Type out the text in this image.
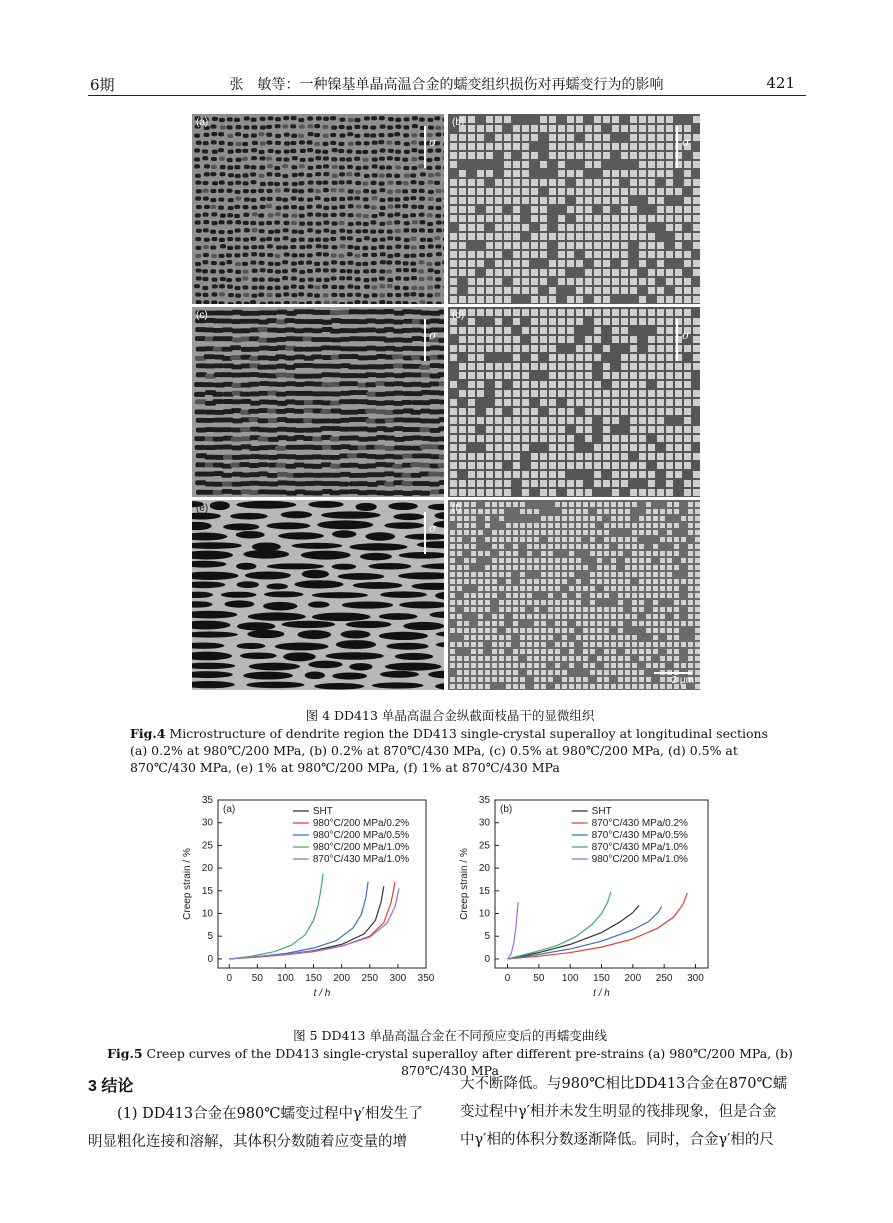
6期	张　敏等：一种镍基单晶高温合金的蠕变组织损伤对再蠕变行为的影响	421
(a)
σ
(b)
σ
(c)
σ
(d)
σ
(e)
σ
(f)
2 μm
图 4 DD413 单晶高温合金纵截面枝晶干的显微组织
Fig.4 Microstructure of dendrite region the DD413 single-crystal superalloy at longitudinal sections (a) 0.2% at 980℃/200 MPa, (b) 0.2% at 870℃/430 MPa, (c) 0.5% at 980℃/200 MPa, (d) 0.5% at 870℃/430 MPa, (e) 1% at 980℃/200 MPa, (f) 1% at 870℃/430 MPa
0 50 100 150 200 250 300 350
0
5
10
15
20
25
30
35
t / h
Creep strain / %
(a)	SHT
980°C/200 MPa/0.2%
980°C/200 MPa/0.5%
980°C/200 MPa/1.0%
870°C/430 MPa/1.0%
0 50 100 150 200 250 300
0
5
10
15
20
25
30
35
t / h
Creep strain / %
(b)	SHT
870°C/430 MPa/0.2%
870°C/430 MPa/0.5%
870°C/430 MPa/1.0%
980°C/200 MPa/1.0%
图 5 DD413 单晶高温合金在不同预应变后的再蠕变曲线
Fig.5 Creep curves of the DD413 single-crystal superalloy after different pre-strains (a) 980℃/200 MPa, (b) 870℃/430 MPa
3 结论
(1) DD413合金在980℃蠕变过程中γ′相发生了
明显粗化连接和溶解，其体积分数随着应变量的增
大不断降低。与980℃相比DD413合金在870℃蠕
变过程中γ′相并未发生明显的筏排现象，但是合金
中γ′相的体积分数逐渐降低。同时，合金γ′相的尺
